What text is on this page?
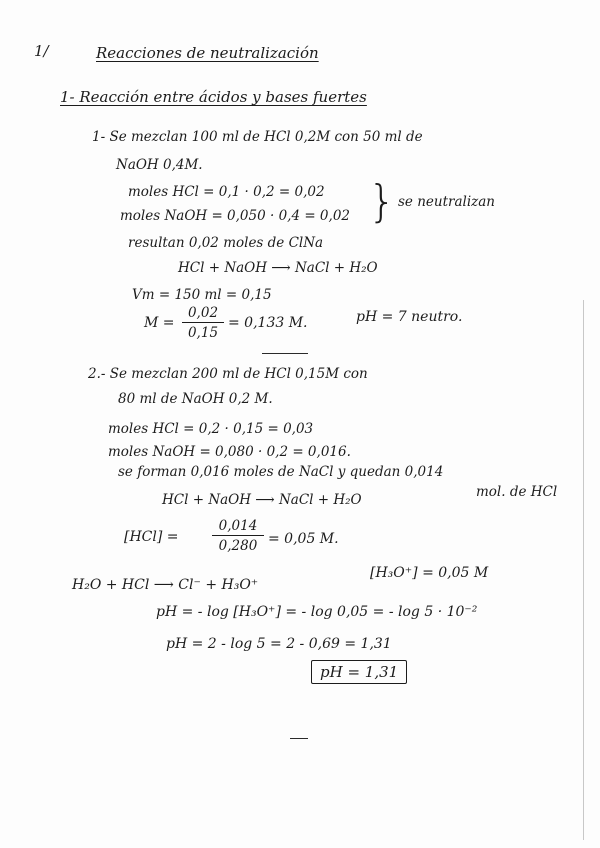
1/	Reacciones de neutralización
1- Reacción entre ácidos y bases fuertes
1- Se mezclan 100 ml de HCl 0,2M con 50 ml de
NaOH 0,4M.
moles HCl = 0,1 · 0,2 = 0,02
moles NaOH = 0,050 · 0,4 = 0,02 } se neutralizan
resultan 0,02 moles de ClNa
HCl + NaOH ⟶ NaCl + H₂O
Vт = 150 ml = 0,15
$M = \frac{0,02}{0,15} = 0,133$ M.	pH = 7 neutro.
2.- Se mezclan 200 ml de HCl 0,15M con
80 ml de NaOH 0,2 M.
moles HCl = 0,2 · 0,15 = 0,03
moles NaOH = 0,080 · 0,2 = 0,016.
se forman 0,016 moles de NaCl y quedan 0,014
HCl + NaOH ⟶ NaCl + H₂O	mol. de HCl
$[HCl] = \frac{0,014}{0,280} = 0,05$ M.
H₂O + HCl ⟶ Cl⁻ + H₃O⁺
[H₃O⁺] = 0,05 M
pH = - log [H₃O⁺] = - log 0,05 = - log 5 · 10⁻²
pH = 2 - log 5 = 2 - 0,69 = 1,31
pH = 1,31
